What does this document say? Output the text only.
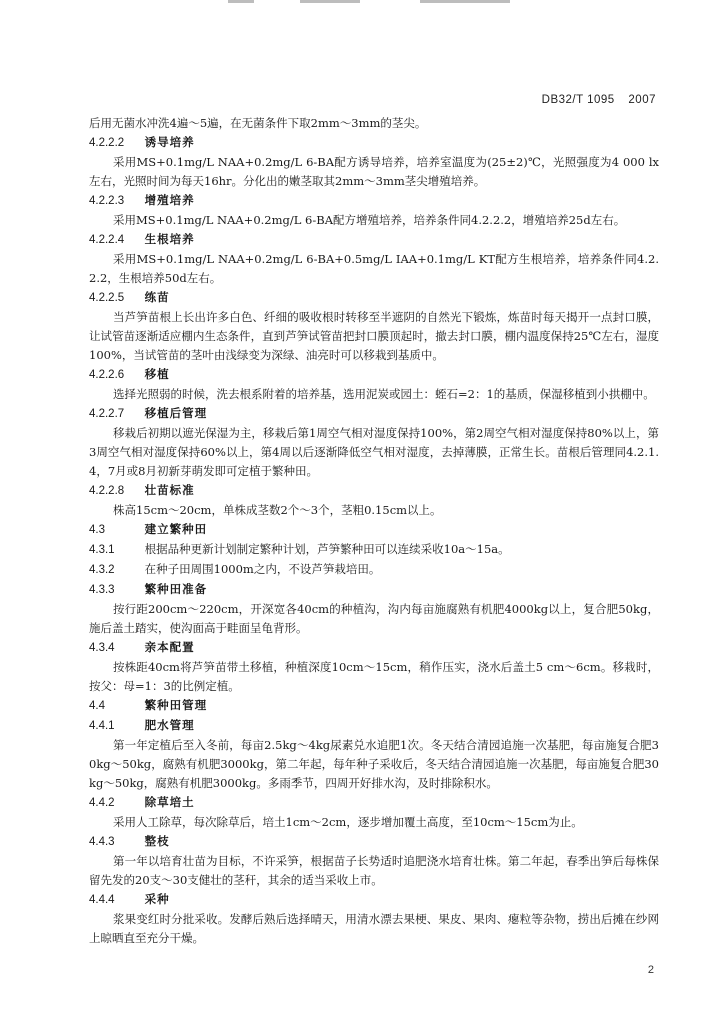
DB32/T 1095 2007

后用无菌水冲洗4遍～5遍，在无菌条件下取2mm～3mm的茎尖。

4.2.2.2 诱导培养

采用MS+0.1mg/L NAA+0.2mg/L 6-BA配方诱导培养，培养室温度为(25±2)℃，光照强度为4 000 lx左右，光照时间为每天16hr。分化出的嫩茎取其2mm～3mm茎尖增殖培养。

4.2.2.3 增殖培养

采用MS+0.1mg/L NAA+0.2mg/L 6-BA配方增殖培养，培养条件同4.2.2.2，增殖培养25d左右。

4.2.2.4 生根培养

采用MS+0.1mg/L NAA+0.2mg/L 6-BA+0.5mg/L IAA+0.1mg/L KT配方生根培养，培养条件同4.2.2.2，生根培养50d左右。

4.2.2.5 练苗

当芦笋苗根上长出许多白色、纤细的吸收根时转移至半遮阴的自然光下锻炼，炼苗时每天揭开一点封口膜，让试管苗逐渐适应棚内生态条件，直到芦笋试管苗把封口膜顶起时，撤去封口膜，棚内温度保持25℃左右，湿度100%，当试管苗的茎叶由浅绿变为深绿、油亮时可以移栽到基质中。

4.2.2.6 移植

选择光照弱的时候，洗去根系附着的培养基，选用泥炭或园土：蛭石=2：1的基质，保湿移植到小拱棚中。

4.2.2.7 移植后管理

移栽后初期以遮光保湿为主，移栽后第1周空气相对湿度保持100%，第2周空气相对湿度保持80%以上，第3周空气相对湿度保持60%以上，第4周以后逐渐降低空气相对湿度，去掉薄膜，正常生长。苗根后管理同4.2.1.4，7月或8月初新芽萌发即可定植于繁种田。

4.2.2.8 壮苗标准

株高15cm～20cm，单株成茎数2个～3个，茎粗0.15cm以上。

4.3	建立繁种田
4.3.1	根据品种更新计划制定繁种计划，芦笋繁种田可以连续采收10a～15a。
4.3.2	在种子田周围1000m之内，不设芦笋栽培田。
4.3.3	繁种田准备

按行距200cm～220cm，开深宽各40cm的种植沟，沟内每亩施腐熟有机肥4000kg以上，复合肥50kg，施后盖土踏实，使沟面高于畦面呈龟背形。

4.3.4	亲本配置

按株距40cm将芦笋苗带土移植，种植深度10cm～15cm，稍作压实，浇水后盖土5 cm～6cm。移栽时，按父：母=1：3的比例定植。

4.4	繁种田管理
4.4.1	肥水管理

第一年定植后至入冬前，每亩2.5kg～4kg尿素兑水追肥1次。冬天结合清园追施一次基肥，每亩施复合肥30kg～50kg，腐熟有机肥3000kg，第二年起，每年种子采收后，冬天结合清园追施一次基肥，每亩施复合肥30kg～50kg，腐熟有机肥3000kg。多雨季节，四周开好排水沟，及时排除积水。

4.4.2	除草培土

采用人工除草，每次除草后，培土1cm～2cm，逐步增加覆土高度，至10cm～15cm为止。

4.4.3	整枝

第一年以培育壮苗为目标，不许采笋，根据苗子长势适时追肥浇水培育壮株。第二年起，春季出笋后每株保留先发的20支～30支健壮的茎秆，其余的适当采收上市。

4.4.4	采种

浆果变红时分批采收。发酵后熟后选择晴天，用清水漂去果梗、果皮、果肉、瘪粒等杂物，捞出后摊在纱网上晾晒直至充分干燥。

2
